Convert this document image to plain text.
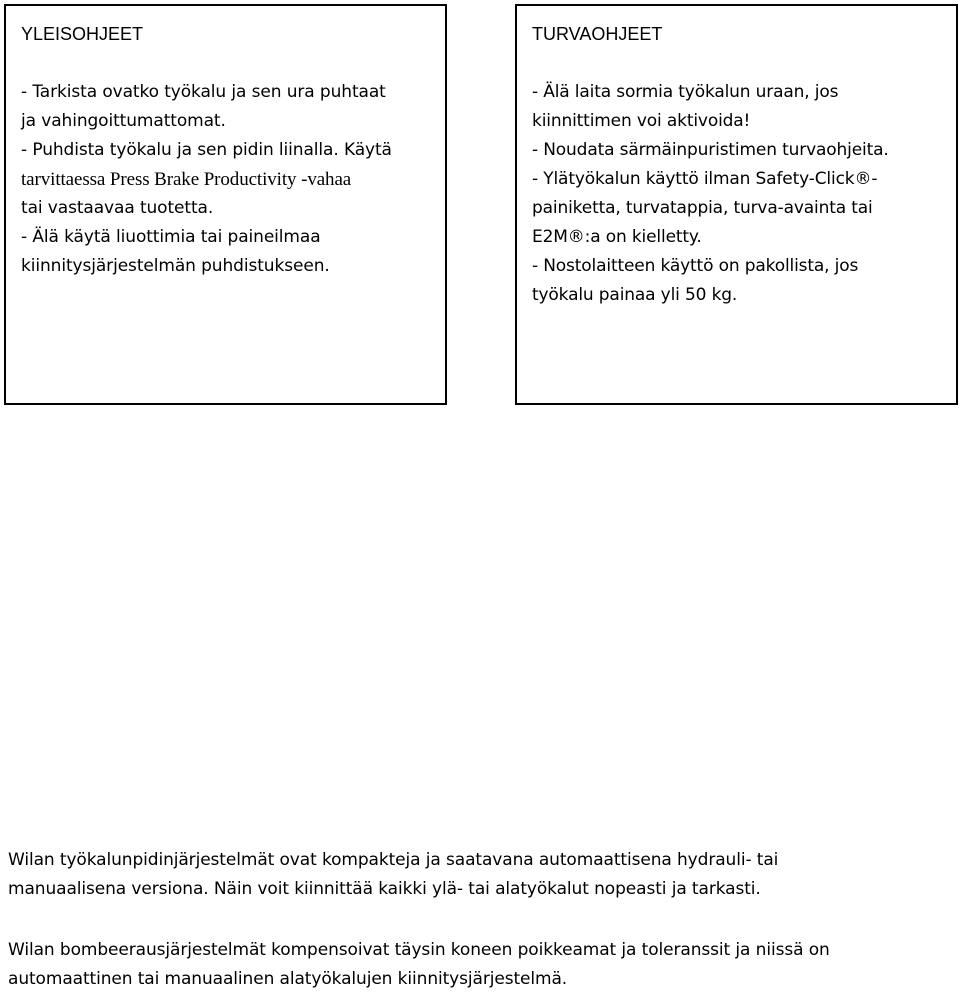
YLEISOHJEET
- Tarkista ovatko työkalu ja sen ura puhtaat
ja vahingoittumattomat.
- Puhdista työkalu ja sen pidin liinalla. Käytä
tarvittaessa Press Brake Productivity -vahaa
tai vastaavaa tuotetta.
- Älä käytä liuottimia tai paineilmaa
kiinnitysjärjestelmän puhdistukseen.
TURVAOHJEET
- Älä laita sormia työkalun uraan, jos
kiinnittimen voi aktivoida!
- Noudata särmäinpuristimen turvaohjeita.
- Ylätyökalun käyttö ilman Safety-Click®-
painiketta, turvatappia, turva-avainta tai
E2M®:a on kielletty.
- Nostolaitteen käyttö on pakollista, jos
työkalu painaa yli 50 kg.
Wilan työkalunpidinjärjestelmät ovat kompakteja ja saatavana automaattisena hydrauli- tai
manuaalisena versiona. Näin voit kiinnittää kaikki ylä- tai alatyökalut nopeasti ja tarkasti.
Wilan bombeerausjärjestelmät kompensoivat täysin koneen poikkeamat ja toleranssit ja niissä on
automaattinen tai manuaalinen alatyökalujen kiinnitysjärjestelmä.
